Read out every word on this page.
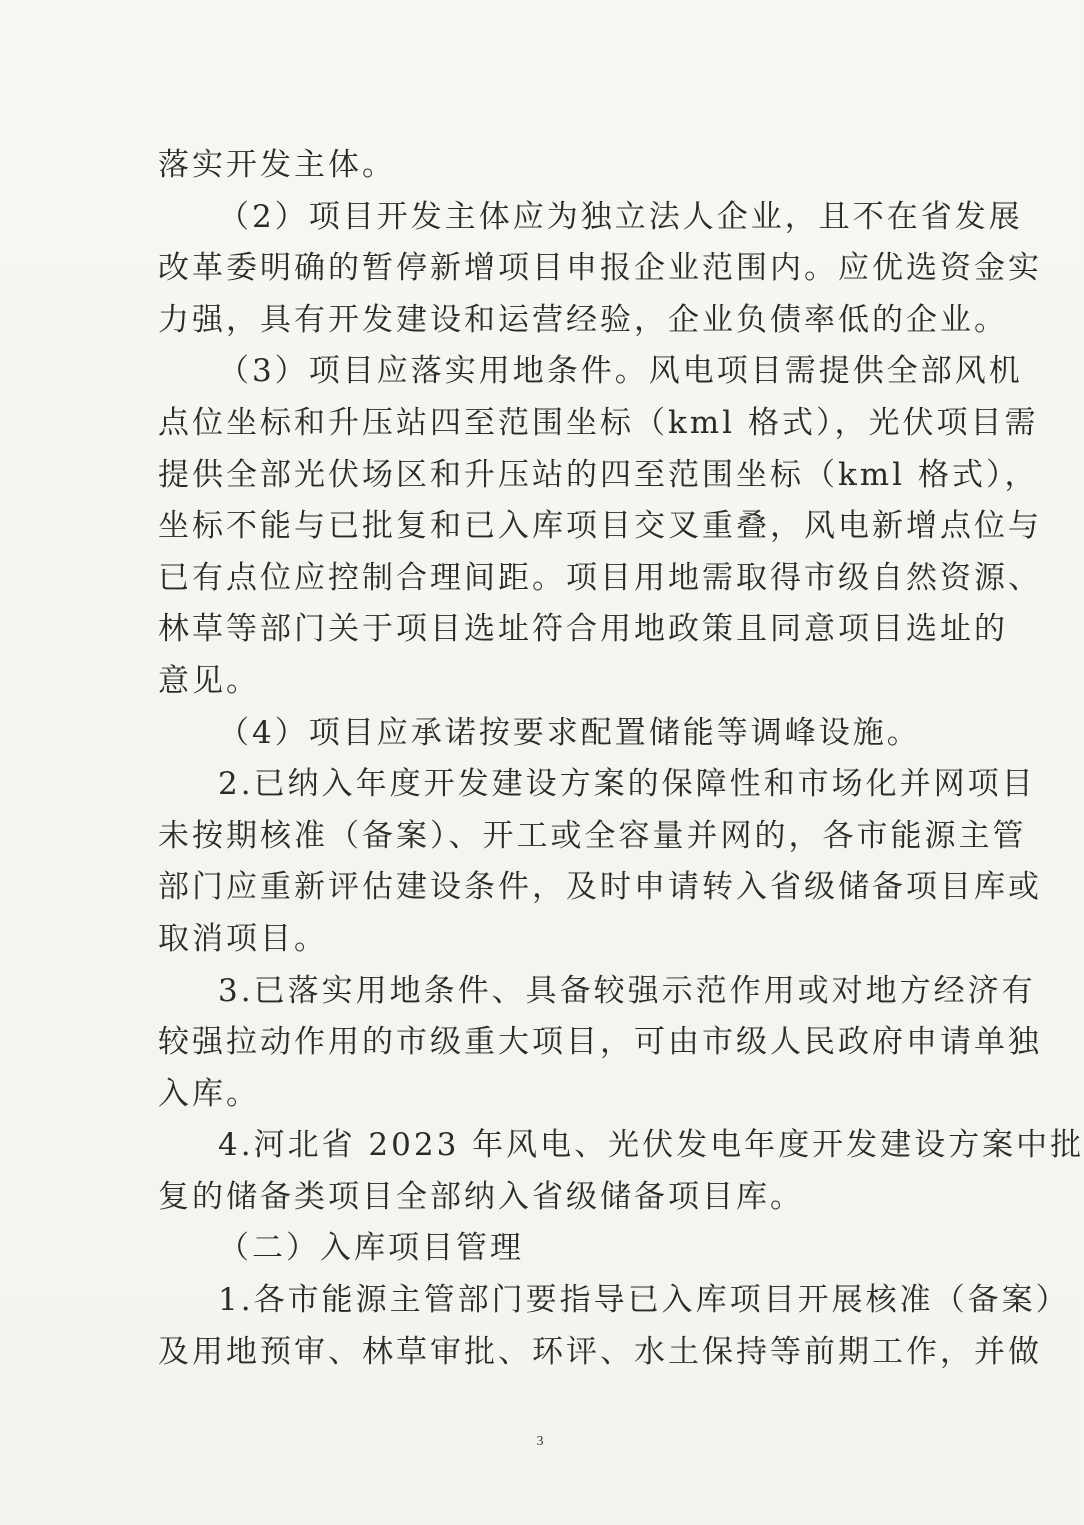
落实开发主体。
（2）项目开发主体应为独立法人企业，且不在省发展
改革委明确的暂停新增项目申报企业范围内。应优选资金实
力强，具有开发建设和运营经验，企业负债率低的企业。
（3）项目应落实用地条件。风电项目需提供全部风机
点位坐标和升压站四至范围坐标（kml 格式），光伏项目需
提供全部光伏场区和升压站的四至范围坐标（kml 格式），
坐标不能与已批复和已入库项目交叉重叠，风电新增点位与
已有点位应控制合理间距。项目用地需取得市级自然资源、
林草等部门关于项目选址符合用地政策且同意项目选址的
意见。
（4）项目应承诺按要求配置储能等调峰设施。
2.已纳入年度开发建设方案的保障性和市场化并网项目
未按期核准（备案）、开工或全容量并网的，各市能源主管
部门应重新评估建设条件，及时申请转入省级储备项目库或
取消项目。
3.已落实用地条件、具备较强示范作用或对地方经济有
较强拉动作用的市级重大项目，可由市级人民政府申请单独
入库。
4.河北省 2023 年风电、光伏发电年度开发建设方案中批
复的储备类项目全部纳入省级储备项目库。
（二）入库项目管理
1.各市能源主管部门要指导已入库项目开展核准（备案）
及用地预审、林草审批、环评、水土保持等前期工作，并做
3
